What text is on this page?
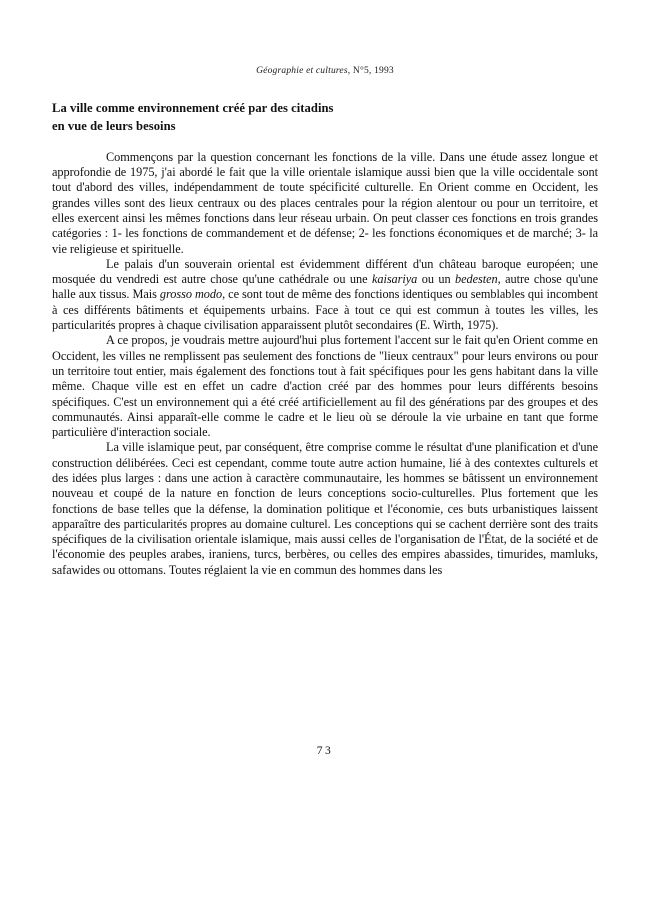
Géographie et cultures, N°5, 1993
La ville comme environnement créé par des citadins
en vue de leurs besoins

Commençons par la question concernant les fonctions de la ville. Dans une étude assez longue et approfondie de 1975, j'ai abordé le fait que la ville orientale islamique aussi bien que la ville occidentale sont tout d'abord des villes, indépendamment de toute spécificité culturelle. En Orient comme en Occident, les grandes villes sont des lieux centraux ou des places centrales pour la région alentour ou pour un territoire, et elles exercent ainsi les mêmes fonctions dans leur réseau urbain. On peut classer ces fonctions en trois grandes catégories : 1- les fonctions de commandement et de défense; 2- les fonctions économiques et de marché; 3- la vie religieuse et spirituelle.

Le palais d'un souverain oriental est évidemment différent d'un château baroque européen; une mosquée du vendredi est autre chose qu'une cathédrale ou une kaisariya ou un bedesten, autre chose qu'une halle aux tissus. Mais grosso modo, ce sont tout de même des fonctions identiques ou semblables qui incombent à ces différents bâtiments et équipements urbains. Face à tout ce qui est commun à toutes les villes, les particularités propres à chaque civilisation apparaissent plutôt secondaires (E. Wirth, 1975).

A ce propos, je voudrais mettre aujourd'hui plus fortement l'accent sur le fait qu'en Orient comme en Occident, les villes ne remplissent pas seulement des fonctions de "lieux centraux" pour leurs environs ou pour un territoire tout entier, mais également des fonctions tout à fait spécifiques pour les gens habitant dans la ville même. Chaque ville est en effet un cadre d'action créé par des hommes pour leurs différents besoins spécifiques. C'est un environnement qui a été créé artificiellement au fil des générations par des groupes et des communautés. Ainsi apparaît-elle comme le cadre et le lieu où se déroule la vie urbaine en tant que forme particulière d'interaction sociale.

La ville islamique peut, par conséquent, être comprise comme le résultat d'une planification et d'une construction délibérées. Ceci est cependant, comme toute autre action humaine, lié à des contextes culturels et des idées plus larges : dans une action à caractère communautaire, les hommes se bâtissent un environnement nouveau et coupé de la nature en fonction de leurs conceptions socio-culturelles. Plus fortement que les fonctions de base telles que la défense, la domination politique et l'économie, ces buts urbanistiques laissent apparaître des particularités propres au domaine culturel. Les conceptions qui se cachent derrière sont des traits spécifiques de la civilisation orientale islamique, mais aussi celles de l'organisation de l'État, de la société et de l'économie des peuples arabes, iraniens, turcs, berbères, ou celles des empires abassides, timurides, mamluks, safawides ou ottomans. Toutes réglaient la vie en commun des hommes dans les

73
